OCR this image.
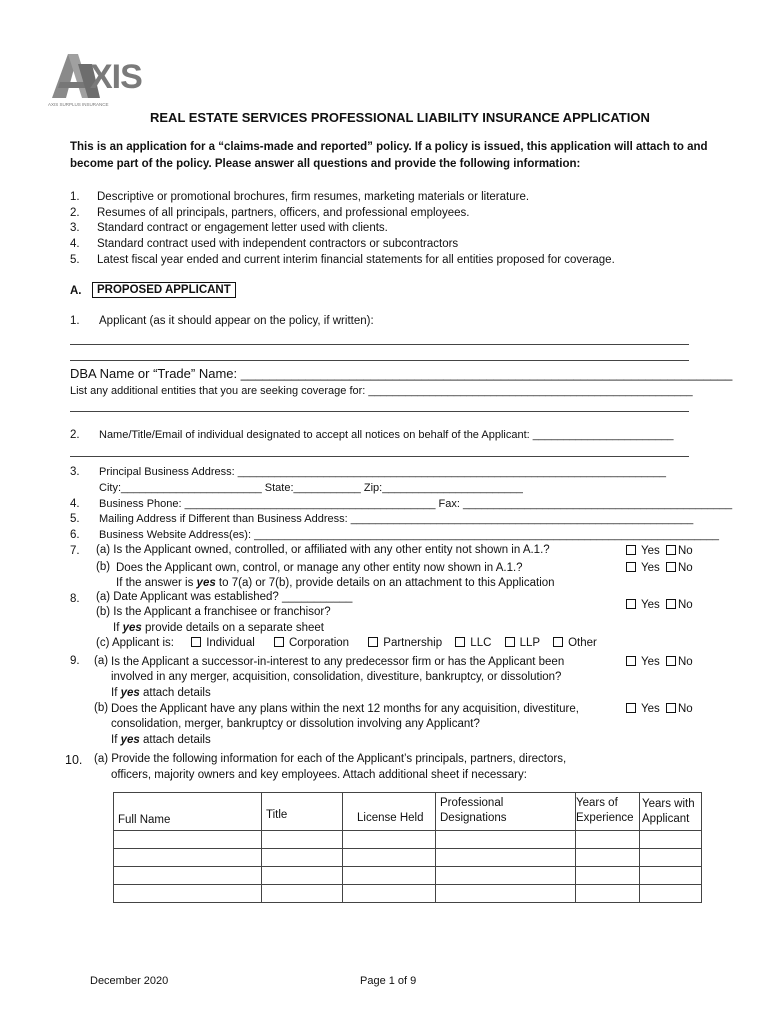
XIS
AXIS SURPLUS INSURANCE
REAL ESTATE SERVICES PROFESSIONAL LIABILITY INSURANCE APPLICATION
This is an application for a “claims-made and reported” policy. If a policy is issued, this application will attach to and
become part of the policy. Please answer all questions and provide the following information:
1. Descriptive or promotional brochures, firm resumes, marketing materials or literature.
2. Resumes of all principals, partners, officers, and professional employees.
3. Standard contract or engagement letter used with clients.
4. Standard contract used with independent contractors or subcontractors
5. Latest fiscal year ended and current interim financial statements for all entities proposed for coverage.
A.	PROPOSED APPLICANT
1. Applicant (as it should appear on the policy, if written):
DBA Name or “Trade” Name: ____________________________________________________________________
List any additional entities that you are seeking coverage for: _____________________________________________________
2. Name/Title/Email of individual designated to accept all notices on behalf of the Applicant: _______________________
3. Principal Business Address: ______________________________________________________________________
City:_______________________ State:___________ Zip:_______________________
4. Business Phone: _________________________________________ Fax: ____________________________________________
5. Mailing Address if Different than Business Address: ________________________________________________________
6. Business Website Address(es): ____________________________________________________________________________
7. (a) Is the Applicant owned, controlled, or affiliated with any other entity not shown in A.1.?
(b) Does the Applicant own, control, or manage any other entity now shown in A.1.?
If the answer is yes to 7(a) or 7(b), provide details on an attachment to this Application
8. (a) Date Applicant was established? ___________
(b) Is the Applicant a franchisee or franchisor?
If yes provide details on a separate sheet
(c) Applicant is:	Individual	Corporation	Partnership LLC LLP Other
9. (a) Is the Applicant a successor-in-interest to any predecessor firm or has the Applicant been
involved in any merger, acquisition, consolidation, divestiture, bankruptcy, or dissolution?
If yes attach details
(b) Does the Applicant have any plans within the next 12 months for any acquisition, divestiture,
consolidation, merger, bankruptcy or dissolution involving any Applicant?
If yes attach details
Yes No
Yes No
Yes No
Yes No
Yes No
10. (a) Provide the following information for each of the Applicant’s principals, partners, directors,
officers, majority owners and key employees. Attach additional sheet if necessary:
Full Name	Title	License Held	Professional Designations	Years of Experience	Years with Applicant

December 2020	Page 1 of 9
